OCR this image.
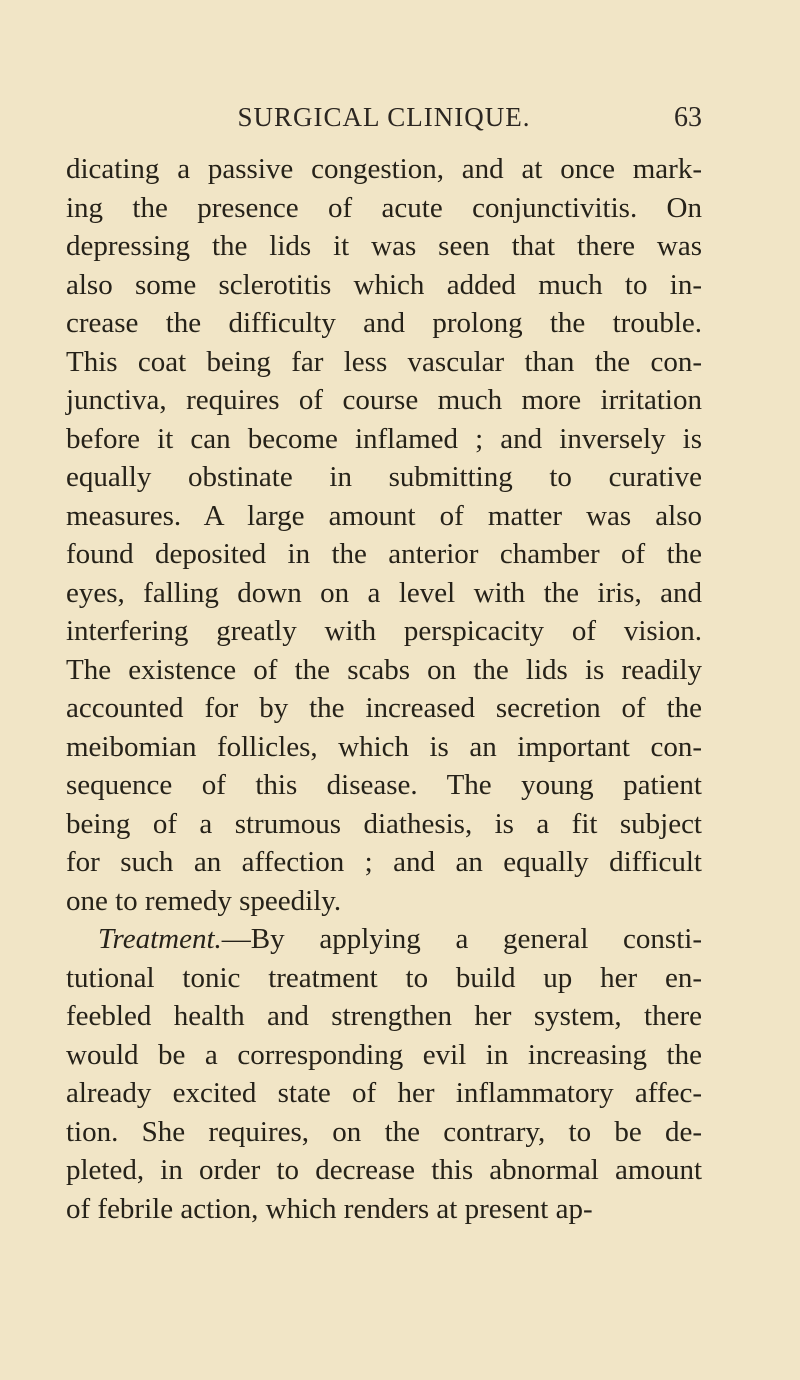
SURGICAL CLINIQUE.	63
dicating a passive congestion, and at once mark-
ing the presence of acute conjunctivitis. On
depressing the lids it was seen that there was
also some sclerotitis which added much to in-
crease the difficulty and prolong the trouble.
This coat being far less vascular than the con-
junctiva, requires of course much more irritation
before it can become inflamed ; and inversely is
equally obstinate in submitting to curative
measures. A large amount of matter was also
found deposited in the anterior chamber of the
eyes, falling down on a level with the iris, and
interfering greatly with perspicacity of vision.
The existence of the scabs on the lids is readily
accounted for by the increased secretion of the
meibomian follicles, which is an important con-
sequence of this disease. The young patient
being of a strumous diathesis, is a fit subject
for such an affection ; and an equally difficult
one to remedy speedily.
Treatment.—By applying a general consti-
tutional tonic treatment to build up her en-
feebled health and strengthen her system, there
would be a corresponding evil in increasing the
already excited state of her inflammatory affec-
tion. She requires, on the contrary, to be de-
pleted, in order to decrease this abnormal amount
of febrile action, which renders at present ap-
